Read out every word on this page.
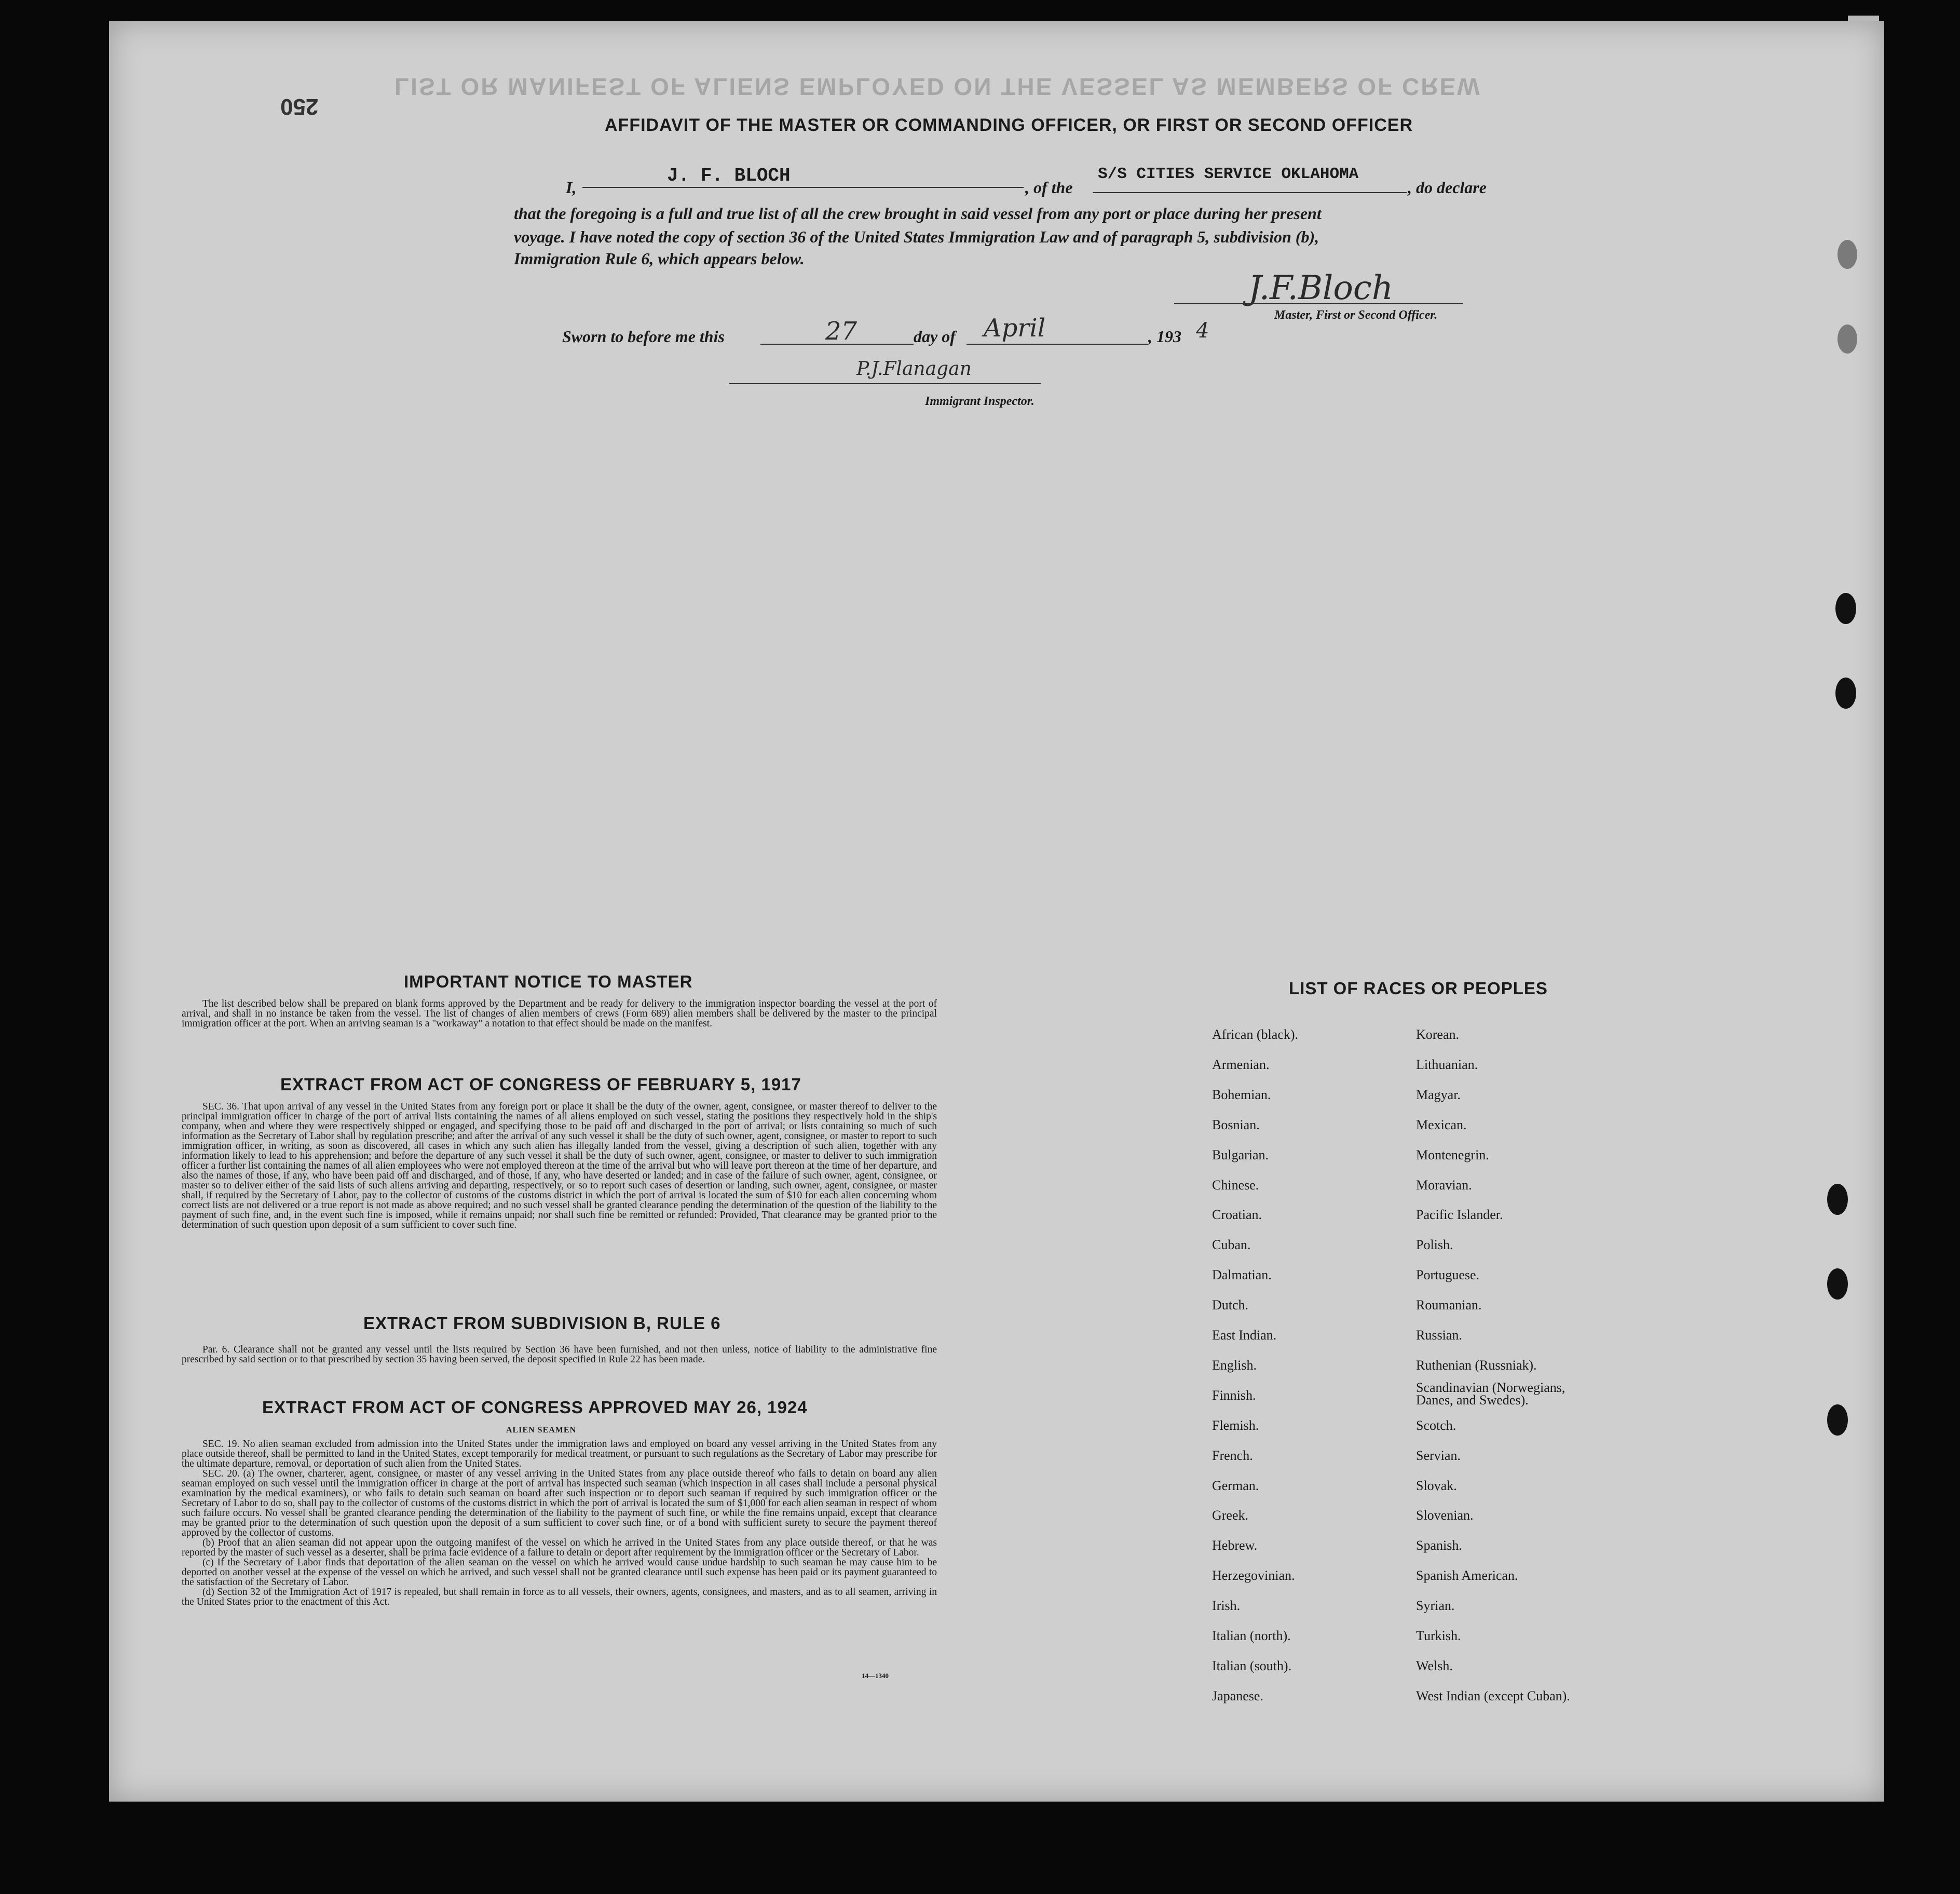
LIST OR MANIFEST OF ALIENS EMPLOYED ON THE VESSEL AS MEMBERS OF CREW
250
AFFIDAVIT OF THE MASTER OR COMMANDING OFFICER, OR FIRST OR SECOND OFFICER
I,
J. F. BLOCH
, of the
S/S CITIES SERVICE OKLAHOMA
, do declare
that the foregoing is a full and true list of all the crew brought in said vessel from any port or place during her present
voyage. I have noted the copy of section 36 of the United States Immigration Law and of paragraph 5, subdivision (b),
Immigration Rule 6, which appears below.
J.F.Bloch
Master, First or Second Officer.
Sworn to before me this	27	day of April	, 193 4
P.J.Flanagan
Immigrant Inspector.
IMPORTANT NOTICE TO MASTER

The list described below shall be prepared on blank forms approved by the Department and be ready for delivery to the immigration inspector boarding the vessel at the port of arrival, and shall in no instance be taken from the vessel. The list of changes of alien members of crews (Form 689) alien members shall be delivered by the master to the principal immigration officer at the port. When an arriving seaman is a "workaway" a notation to that effect should be made on the manifest.

EXTRACT FROM ACT OF CONGRESS OF FEBRUARY 5, 1917

SEC. 36. That upon arrival of any vessel in the United States from any foreign port or place it shall be the duty of the owner, agent, consignee, or master thereof to deliver to the principal immigration officer in charge of the port of arrival lists containing the names of all aliens employed on such vessel, stating the positions they respectively hold in the ship's company, when and where they were respectively shipped or engaged, and specifying those to be paid off and discharged in the port of arrival; or lists containing so much of such information as the Secretary of Labor shall by regulation prescribe; and after the arrival of any such vessel it shall be the duty of such owner, agent, consignee, or master to report to such immigration officer, in writing, as soon as discovered, all cases in which any such alien has illegally landed from the vessel, giving a description of such alien, together with any information likely to lead to his apprehension; and before the departure of any such vessel it shall be the duty of such owner, agent, consignee, or master to deliver to such immigration officer a further list containing the names of all alien employees who were not employed thereon at the time of the arrival but who will leave port thereon at the time of her departure, and also the names of those, if any, who have been paid off and discharged, and of those, if any, who have deserted or landed; and in case of the failure of such owner, agent, consignee, or master so to deliver either of the said lists of such aliens arriving and departing, respectively, or so to report such cases of desertion or landing, such owner, agent, consignee, or master shall, if required by the Secretary of Labor, pay to the collector of customs of the customs district in which the port of arrival is located the sum of $10 for each alien concerning whom correct lists are not delivered or a true report is not made as above required; and no such vessel shall be granted clearance pending the determination of the question of the liability to the payment of such fine, and, in the event such fine is imposed, while it remains unpaid; nor shall such fine be remitted or refunded: Provided, That clearance may be granted prior to the determination of such question upon deposit of a sum sufficient to cover such fine.

EXTRACT FROM SUBDIVISION B, RULE 6

Par. 6. Clearance shall not be granted any vessel until the lists required by Section 36 have been furnished, and not then unless, notice of liability to the administrative fine prescribed by said section or to that prescribed by section 35 having been served, the deposit specified in Rule 22 has been made.

EXTRACT FROM ACT OF CONGRESS APPROVED MAY 26, 1924
ALIEN SEAMEN

SEC. 19. No alien seaman excluded from admission into the United States under the immigration laws and employed on board any vessel arriving in the United States from any place outside thereof, shall be permitted to land in the United States, except temporarily for medical treatment, or pursuant to such regulations as the Secretary of Labor may prescribe for the ultimate departure, removal, or deportation of such alien from the United States.

SEC. 20. (a) The owner, charterer, agent, consignee, or master of any vessel arriving in the United States from any place outside thereof who fails to detain on board any alien seaman employed on such vessel until the immigration officer in charge at the port of arrival has inspected such seaman (which inspection in all cases shall include a personal physical examination by the medical examiners), or who fails to detain such seaman on board after such inspection or to deport such seaman if required by such immigration officer or the Secretary of Labor to do so, shall pay to the collector of customs of the customs district in which the port of arrival is located the sum of $1,000 for each alien seaman in respect of whom such failure occurs. No vessel shall be granted clearance pending the determination of the liability to the payment of such fine, or while the fine remains unpaid, except that clearance may be granted prior to the determination of such question upon the deposit of a sum sufficient to cover such fine, or of a bond with sufficient surety to secure the payment thereof approved by the collector of customs.

(b) Proof that an alien seaman did not appear upon the outgoing manifest of the vessel on which he arrived in the United States from any place outside thereof, or that he was reported by the master of such vessel as a deserter, shall be prima facie evidence of a failure to detain or deport after requirement by the immigration officer or the Secretary of Labor.

(c) If the Secretary of Labor finds that deportation of the alien seaman on the vessel on which he arrived would cause undue hardship to such seaman he may cause him to be deported on another vessel at the expense of the vessel on which he arrived, and such vessel shall not be granted clearance until such expense has been paid or its payment guaranteed to the satisfaction of the Secretary of Labor.

(d) Section 32 of the Immigration Act of 1917 is repealed, but shall remain in force as to all vessels, their owners, agents, consignees, and masters, and as to all seamen, arriving in the United States prior to the enactment of this Act.

14—1340
LIST OF RACES OR PEOPLES
African (black).
Armenian.
Bohemian.
Bosnian.
Bulgarian.
Chinese.
Croatian.
Cuban.
Dalmatian.
Dutch.
East Indian.
English.
Finnish.
Flemish.
French.
German.
Greek.
Hebrew.
Herzegovinian.
Irish.
Italian (north).
Italian (south).
Japanese.
Korean.
Lithuanian.
Magyar.
Mexican.
Montenegrin.
Moravian.
Pacific Islander.
Polish.
Portuguese.
Roumanian.
Russian.
Ruthenian (Russniak).
Scandinavian (Norwegians, Danes, and Swedes).
Scotch.
Servian.
Slovak.
Slovenian.
Spanish.
Spanish American.
Syrian.
Turkish.
Welsh.
West Indian (except Cuban).
